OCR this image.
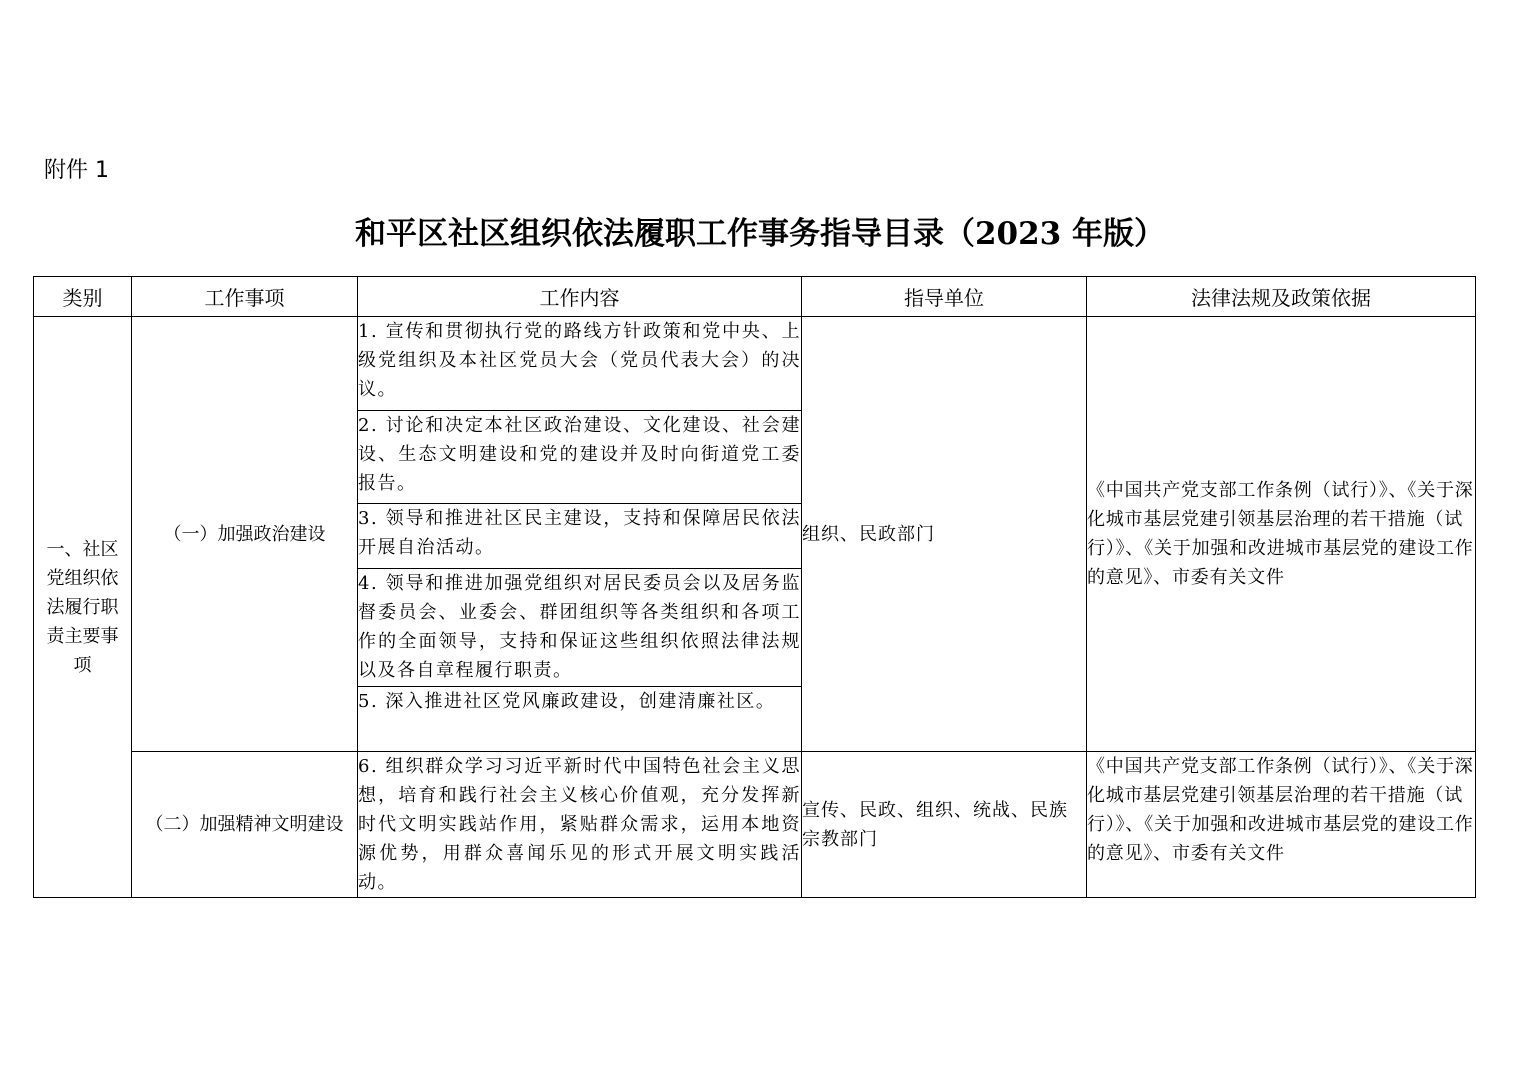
附件 1
和平区社区组织依法履职工作事务指导目录（2023 年版）
类别	工作事项	工作内容	指导单位	法律法规及政策依据

一、社区党组织依法履行职责主要事项	（一）加强政治建设	1. 宣传和贯彻执行党的路线方针政策和党中央、上级党组织及本社区党员大会（党员代表大会）的决议。	组织、民政部门	《中国共产党支部工作条例（试行）》、《关于深化城市基层党建引领基层治理的若干措施（试行）》、《关于加强和改进城市基层党的建设工作的意见》、市委有关文件
		2. 讨论和决定本社区政治建设、文化建设、社会建设、生态文明建设和党的建设并及时向街道党工委报告。		
		3. 领导和推进社区民主建设，支持和保障居民依法开展自治活动。		
		4. 领导和推进加强党组织对居民委员会以及居务监督委员会、业委会、群团组织等各类组织和各项工作的全面领导，支持和保证这些组织依照法律法规以及各自章程履行职责。		
		5. 深入推进社区党风廉政建设，创建清廉社区。		
	（二）加强精神文明建设	6. 组织群众学习习近平新时代中国特色社会主义思想，培育和践行社会主义核心价值观，充分发挥新时代文明实践站作用，紧贴群众需求，运用本地资源优势，用群众喜闻乐见的形式开展文明实践活动。	宣传、民政、组织、统战、民族宗教部门	《中国共产党支部工作条例（试行）》、《关于深化城市基层党建引领基层治理的若干措施（试行）》、《关于加强和改进城市基层党的建设工作的意见》、市委有关文件
